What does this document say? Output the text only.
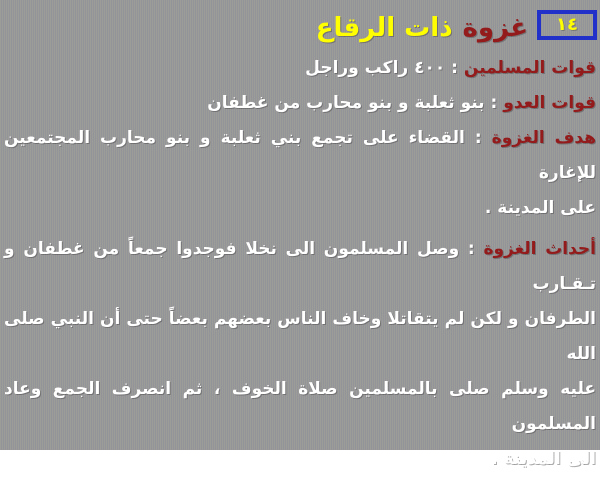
١٤
غزوةذات الرقاع
قوات المسلمين : ٤٠٠ راكب وراجل
قوات العدو : بنو ثعلبة و بنو محارب من غطفان
هدف الغزوة : القضاء على تجمع بني ثعلبة و بنو محارب المجتمعين للإغارة
على المدينة .
أحداث الغزوة : وصل المسلمون الى نخلا فوجدوا جمعاً من غطفان و تـقـارب
الطرفان و لكن لم يتقاتلا وخاف الناس بعضهم بعضاً حتى أن النبي صلى الله
عليه وسلم صلى بالمسلمين صلاة الخوف ، ثم انصرف الجمع وعاد المسلمون
الى المدينة .
